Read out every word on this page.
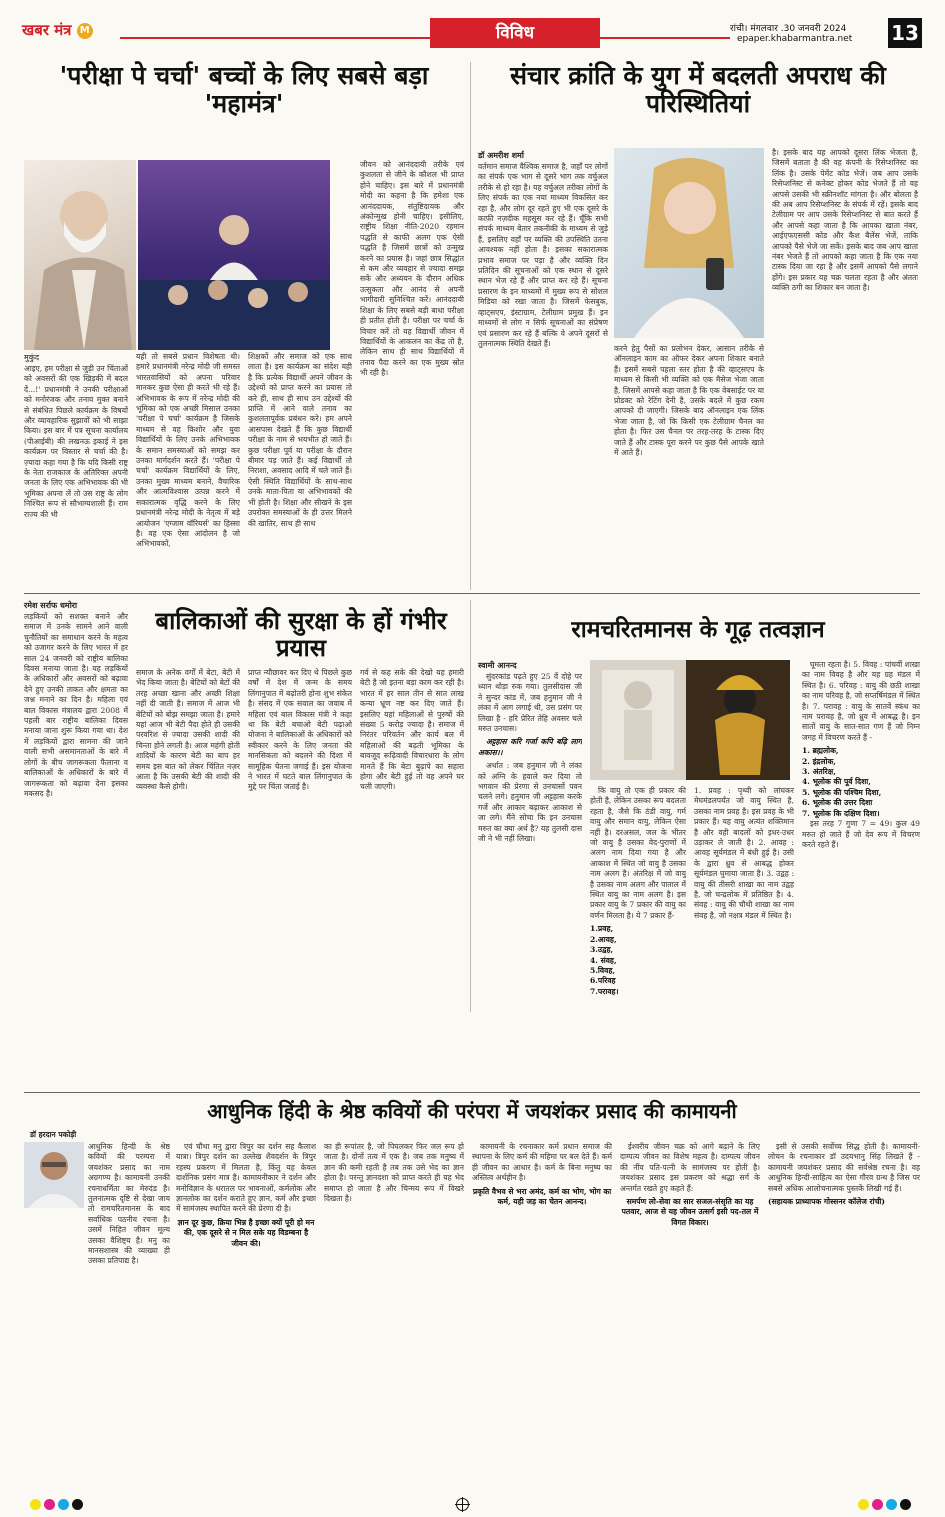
खबर मंत्र M	विविध	रांची। मंगलवार .30 जनवरी 2024
epaper.khabarmantra.net 13
'परीक्षा पे चर्चा' बच्चों के लिए सबसे बड़ा 'महामंत्र'
मुकुंद
आइए, हम परीक्षा से जुड़ी उन चिंताओं को अवसरों की एक खिड़की में बदल दें...!' प्रधानमंत्री ने उनकी परीक्षाओं को मनोरंजक और तनाव मुक्त बनाने से संबंधित पिछले कार्यक्रम के विषयों और व्यावहारिक सुझावों को भी साझा किया। इस बार में पत्र सूचना कार्यालय (पीआईबी) की लखनऊ इकाई ने इस कार्यक्रम पर विस्तार से चर्चा की है। ज़्यादा कहा गया है कि यदि किसी राष्ट्र के नेता राजकाज के अतिरिक्त अपनी जनता के लिए एक अभिभावक की भी भूमिका अपना लें तो उस राष्ट्र के लोग निश्चित रूप से सौभाग्यशाली हैं। राम राज्य की भी
यही तो सबसे प्रधान विशेषता थी। हमारे प्रधानमंत्री नरेन्द्र मोदी जी समस्त भारतवासियों को अपना परिवार मानकर कुछ ऐसा ही करते भी रहे हैं। अभिभावक के रूप में नरेन्द्र मोदी की भूमिका को एक अच्छी मिसाल उनका 'परीक्षा पे चर्चा' कार्यक्रम है जिसके माध्यम से वह किशोर और युवा विद्यार्थियों के लिए उनके अभिभावक के समान समस्याओं को समझ कर उनका मार्गदर्शन करते हैं। 'परीक्षा पे चर्चा' कार्यक्रम विद्यार्थियों के लिए, उनका मुख्य माध्यम बनाने, वैचारिक और आत्मविश्वास उत्पन्न करने में सकारात्मक वृद्धि करने के लिए प्रधानमंत्री नरेन्द्र मोदी के नेतृत्व में बड़े आयोजन 'एग्जाम वॉरियर्स' का हिस्सा है। वह एक ऐसा आंदोलन है जो अभिभावकों,
शिक्षकों और समाज को एक साथ लाता है। इस कार्यक्रम का संदेश यही है कि प्रत्येक विद्यार्थी अपने जीवन के उद्देश्यों को प्राप्त करने का प्रयास तो करे ही, साथ ही साथ उन उद्देश्यों की प्राप्ति में आने वाले तनाव का कुशलतापूर्वक प्रबंधन करे। हम अपने आसपास देखते हैं कि कुछ विद्यार्थी परीक्षा के नाम से भयभीत हो जाते हैं। कुछ परीक्षा पूर्व या परीक्षा के दौरान बीमार पड़ जाते हैं। कई विद्यार्थी तो निराशा, अवसाद आदि में चले जाते हैं। ऐसी स्थिति विद्यार्थियों के साथ-साथ उनके माता-पिता या अभिभावकों की भी होती है। शिक्षा और सीखने के इस उपरोक्त समस्याओं के ही उत्तर मिलने की खातिर, साथ ही साथ
जीवन को आनंददायी तरीके एवं कुशलता से जीने के कौशल भी प्राप्त होने चाहिए। इस बारे में प्रधानमंत्री मोदी का कहना है कि हमेशा एक आनंददायक, संतुष्टिदायक और अंकोन्मुख होनी चाहिए। इसीलिए, राष्ट्रीय शिक्षा नीति-2020 रहमान पद्धति से काफी अलग एक ऐसी पद्धति है जिसमें छात्रों को उन्मुख करने का प्रयास है। जहां छात्र सिद्धांत से कम और व्यवहार से ज्यादा समझ सकें और अध्ययन के दौरान अधिक उत्सुकता और आनंद से अपनी भागीदारी सुनिश्चित करें। आनंददायी शिक्षा के लिए सबसे बड़ी बाधा परीक्षा ही प्रतीत होती है। परीक्षा पर चर्चा के विचार करें तो यह विद्यार्थी जीवन में विद्यार्थियों के आकलन का केंद्र तो है, लेकिन साथ ही साथ विद्यार्थियों में तनाव पैदा करने का एक मुख्य स्रोत भी रही है।
संचार क्रांति के युग में बदलती अपराध की परिस्थितियां
डॉ अमरीश शर्मा
वर्तमान समाज वैश्विक समाज है, जहाँ पर लोगों का संपर्क एक भाग से दूसरे भाग तक वर्चुअल तरीके से हो रहा है। यह वर्चुअल तरीका लोगों के लिए संपर्क का एक नया माध्यम विकसित कर रहा है, और लोग दूर रहते हुए भी एक दूसरे के काफ़ी नज़दीक महसूस कर रहे हैं। चूँकि सभी संपर्क माध्यम बेतार तकनीकी के माध्यम से जुड़े हैं, इसलिए वहाँ पर व्यक्ति की उपस्थिति उतना आवश्यक नहीं होता है। इसका सकारात्मक प्रभाव समाज पर पड़ा है और व्यक्ति दिन प्रतिदिन की सूचनाओं को एक स्थान से दूसरे स्थान भेज रहे हैं और प्राप्त कर रहे हैं। सूचना प्रसारण के इन माध्यमों में मुख्य रूप से सोशल मिडिया को रखा जाता है। जिसमें फेसबुक, व्हाट्सएप, इंस्टाग्राम, टेलीग्राम प्रमुख हैं। इन माध्यमों से लोग न सिर्फ सूचनाओं का संप्रेषण एवं प्रसारण कर रहे हैं बल्कि वे अपने दूसरों से तुलनात्मक स्थिति देखते हैं।
करने हेतु पैसों का प्रलोभन देकर, आसान तरीके से ऑनलाइन काम का ऑफर देकर अपना शिकार बनाते हैं। इसमें सबसे पहला स्तर होता है की व्हाट्सएप के माध्यम से किसी भी व्यक्ति को एक मैसेज भेजा जाता है, जिसमें आपसे कहा जाता है कि एक वेबसाईट पर या प्रोडक्ट को रेटिंग देनी है, उसके बदले में कुछ रकम आपको दी जाएगी। जिसके बाद ऑनलाइन एक लिंक भेजा जाता है, जो कि किसी एक टेलीग्राम चैनल का होता है। फिर उस चैनल पर तरह-तरह के टास्क दिए जाते हैं और टास्क पूरा करने पर कुछ पैसे आपके खाते में आते हैं।
है। इसके बाद यह आपको दूसरा लिंक भेजता है, जिसमें बताता है की वह कंपनी के रिसेप्शनिस्ट का लिंक है। उसके पेमेंट कोड भेजें। जब आप उसके रिसेप्शनिस्ट से कनेक्ट होकर कोड भेजते हैं तो वह आपसे उसकी भी स्क्रीनशॉट मांगता है। और बोलता है की अब आप रिसेप्शनिस्ट के संपर्क में रहें। इसके बाद टेलीग्राम पर आप उसके रिसेप्शनिस्ट से बात करते हैं और आपसे कहा जाता है कि आपका खाता नंबर, आईएफएससी कोड और कैश बैलेंस भेजें, ताकि आपको पैसे भेजे जा सकें। इसके बाद जब आप खाता नंबर भेजते हैं तो आपको कहा जाता है कि एक नया टास्क दिया जा रहा है और इसमें आपको पैसे लगाने होंगे। इस प्रकार यह चक्र चलता रहता है और अंततः व्यक्ति ठगी का शिकार बन जाता है।
रमेश सर्राफ धमोरा
लड़कियों को सशक्त बनाने और समाज में उनके सामने आने वाली चुनौतियों का समाधान करने के महत्व को उजागर करने के लिए भारत में हर साल 24 जनवरी को राष्ट्रीय बालिका दिवस मनाया जाता है। यह लड़कियों के अधिकारों और अवसरों को बढ़ावा देने हुए उनकी ताकत और क्षमता का जश्न मनाने का दिन है। महिला एवं बाल विकास मंत्रालय द्वारा 2008 में पहली बार राष्ट्रीय बालिका दिवस मनाया जाना शुरू किया गया था। देश में लड़कियों द्वारा सामना की जाने वाली सभी असमानताओं के बारे में लोगों के बीच जागरूकता फैलाना व बालिकाओं के अधिकारों के बारे में जागरूकता को बढ़ावा देना इसका मकसद है।
बालिकाओं की सुरक्षा के हों गंभीर प्रयास
समाज के अनेक वर्गों में बेटा, बेटी में भेद किया जाता है। बेटियों को बेटों की तरह अच्छा खाना और अच्छी शिक्षा नहीं दी जाती है। समाज में आज भी बेटियों को बोझ समझा जाता है। हमारे यहां आज भी बेटी पैदा होते ही उसकी परवरिश से ज्यादा उसकी शादी की चिन्ता होने लगती है। आज महंगी होती शादियों के कारण बेटी का बाप हर समय इस बात को लेकर चिंतित नज़र आता है कि उसकी बेटी की शादी की व्यवस्था कैसे होगी।
प्राप्त न्यौछावर कर दिए थे पिछले कुछ वर्षों में देश में जन्म के समय लिंगानुपात में बढ़ोतरी होना शुभ संकेत है। संसद में एक सवाल का जवाब में महिला एवं बाल विकास मंत्री ने कहा था कि बेटी बचाओ बेटी पढ़ाओ योजना ने बालिकाओं के अधिकारों को स्वीकार करने के लिए जनता की मानसिकता को बदलने की दिशा में सामूहिक चेतना जगाई है। इस योजना ने भारत में घटते बाल लिंगानुपात के मुद्दे पर चिंता जताई है।
गर्व से कह सके की देखो यह हमारी बेटी है जो इतना बड़ा काम कर रही है। भारत में हर साल तीन से सात लाख कन्या भ्रूण नष्ट कर दिए जाते हैं। इसलिए यहां महिलाओं से पुरुषों की संख्या 5 करोड़ ज्यादा है। समाज में निरंतर परिवर्तन और कार्य बल में महिलाओं की बढ़ती भूमिका के बावजूद रूढ़िवादी विचारधारा के लोग मानते हैं कि बेटा बुढ़ापे का सहारा होगा और बेटी हुई तो वह अपने घर चली जाएगी।
रामचरितमानस के गूढ़ तत्वज्ञान
स्वामी आनन्द

सुंदरकांड पढ़ते हुए 25 वें दोहे पर ध्यान थोड़ा रुक गया। तुलसीदास जी ने सुन्दर कांड में, जब हनुमान जी ने लंका में आग लगाई थी, उस प्रसंग पर लिखा है - हरि प्रेरित तेहि अवसर चले मरुत उनचास।

अट्टहास करि गर्जा कपि बढ़ि लाग अकास।।

अर्थात : जब हनुमान जी ने लंका को अग्नि के हवाले कर दिया तो भगवान की प्रेरणा से उनचासों पवन चलने लगे। हनुमान जी अट्टहास करके गर्जे और आकार बढ़ाकर आकाश से जा लगे। मैंने सोचा कि इन उनचास मरुत का क्या अर्थ है? यह तुलसी दास जी ने भी नहीं लिखा।

कि वायु तो एक ही प्रकार की होती है, लेकिन उसका रूप बदलता रहता है, जैसे कि ठंडी वायु, गर्म वायु और समान वायु, लेकिन ऐसा नहीं है। दरअसल, जल के भीतर जो वायु है उसका वेद-पुराणों में अलग नाम दिया गया है और आकाश में स्थित जो वायु है उसका नाम अलग है। अंतरिक्ष में जो वायु है उसका नाम अलग और पाताल में स्थित वायु का नाम अलग है। इस प्रकार वायु के 7 प्रकार की वायु का वर्णन मिलता है। ये 7 प्रकार हैं-

1.प्रवह,
2.आवह,
3.उद्वह,
4. संवह,
5.विवह,
6.परिवह
7.परावह।
1. प्रवह : पृथ्वी को लांघकर मेघमंडलपर्यंत जो वायु स्थित है, उसका नाम प्रवह है। इस प्रवह के भी प्रकार हैं। यह वायु अत्यंत शक्तिमान है और वही बादलों को इधर-उधर उड़ाकर ले जाती है। 2. आवह : आवह सूर्यमंडल में बंधी हुई है। उसी के द्वारा ध्रुव से आबद्ध होकर सूर्यमंडल घुमाया जाता है। 3. उद्वह : वायु की तीसरी शाखा का नाम उद्वह है, जो चन्द्रलोक में प्रतिष्ठित है। 4. संवह : वायु की चौथी शाखा का नाम संवह है, जो नक्षत्र मंडल में स्थित है।

घूमता रहता है। 5. विवह : पांचवीं शाखा का नाम विवह है और यह ग्रह मंडल में स्थित है। 6. परिवह : वायु की छठी शाखा का नाम परिवह है, जो सप्तर्षिमंडल में स्थित है। 7. परावह : वायु के सातवें स्कंध का नाम परावह है, जो ध्रुव में आबद्ध है। इन सातों वायु के सात-सात गण हैं जो निम्न जगह में विचरण करते हैं -

1. ब्रह्मलोक,
2. इंद्रलोक,
3. अंतरिक्ष,
4. भूलोक की पूर्व दिशा,
5. भूलोक की पश्चिम दिशा,
6. भूलोक की उत्तर दिशा
7. भूलोक कि दक्षिण दिशा।

इस तरह 7 गुणा 7 = 49। कुल 49 मरुत हो जाते हैं जो देव रूप में विचरण करते रहते हैं।

आधुनिक हिंदी के श्रेष्ठ कवियों की परंपरा में जयशंकर प्रसाद की कामायनी
डॉ हरदान पकोड़ी
आधुनिक हिन्दी के श्रेष्ठ कवियों की परम्परा में जयशंकर प्रसाद का नाम अग्रगण्य है। कामायनी उनकी रचनाधर्मिता का मेरुदंड है। तुलनात्मक दृष्टि से देखा जाय तो रामचरितमानस के बाद सर्वाधिक पठनीय रचना है। उसमें निहित जीवन मूल्य उसका वैशिष्ट्य है। मनु का मानसशास्त्र की व्याख्या ही उसका प्रतिपाद्य है।

एवं चौथा मनु द्वारा त्रिपुर का दर्शन सह कैलाश यात्रा। त्रिपुर दर्शन का उल्लेख शैवदर्शन के त्रिपुर रहस्य प्रकरण में मिलता है, किंतु यह केवल दार्शनिक प्रसंग मात्र है। कामायनीकार ने दर्शन और मनोविज्ञान के धरातल पर भावनाओं, कर्मलोक और ज्ञानलोक का दर्शन कराते हुए ज्ञान, कर्म और इच्छा में सामंजस्य स्थापित करने की प्रेरणा दी है।

ज्ञान दूर कुछ, क्रिया भिन्न है इच्छा क्यों पूरी हो मन की, एक दूसरे से न मिल सके यह विडम्बना है जीवन की।

का ही रूपांतर है, जो पिघलकर फिर जल रूप हो जाता है। दोनों तत्व में एक है। जब तक मनुष्य में ज्ञान की कमी रहती है तब तक उसे भेद का ज्ञान होता है। परन्तु ज्ञानदशा को प्राप्त करते ही यह भेद समाप्त हो जाता है और चिन्मय रूप में विखरे दिखता है।

कामायनी के रचनाकार कर्म प्रधान समाज की स्थापना के लिए कर्म की महिमा पर बल देते हैं। कर्म ही जीवन का आधार है। कर्म के बिना मनुष्य का अस्तित्व अर्थहीन है।

प्रकृति वैभव से भरा अमंद, कर्म का भोग, भोग का कर्म, यही जड़ का चेतन आनन्द।

ईश्वरीय जीवन चक्र को आगे बढ़ाने के लिए दाम्पत्य जीवन का विशेष महत्व है। दाम्पत्य जीवन की नींव पति-पत्नी के सामंजस्य पर होती है। जयशंकर प्रसाद इस प्रकरण को श्रद्धा सर्ग के अन्तर्गत रखते हुए कहते हैं:

समर्पण लो-सेवा का सार सजल-संसृति का यह पतवार, आज से यह जीवन उत्सर्ग इसी पद-तल में विगत विकार।

इसी से उसकी सर्वोच्च सिद्ध होती है। कामायनी-लोचन के रचनाकार डॉ उदयभानु सिंह लिखते हैं - कामायनी जयशंकर प्रसाद की सर्वश्रेष्ठ रचना है। वह आधुनिक हिन्दी-साहित्य का ऐसा गौरव ग्रन्थ है जिस पर सबसे अधिक आलोचनात्मक पुस्तकें लिखी गई हैं।

(सहायक प्राध्यापक गोस्सनर कॉलेज रांची)
